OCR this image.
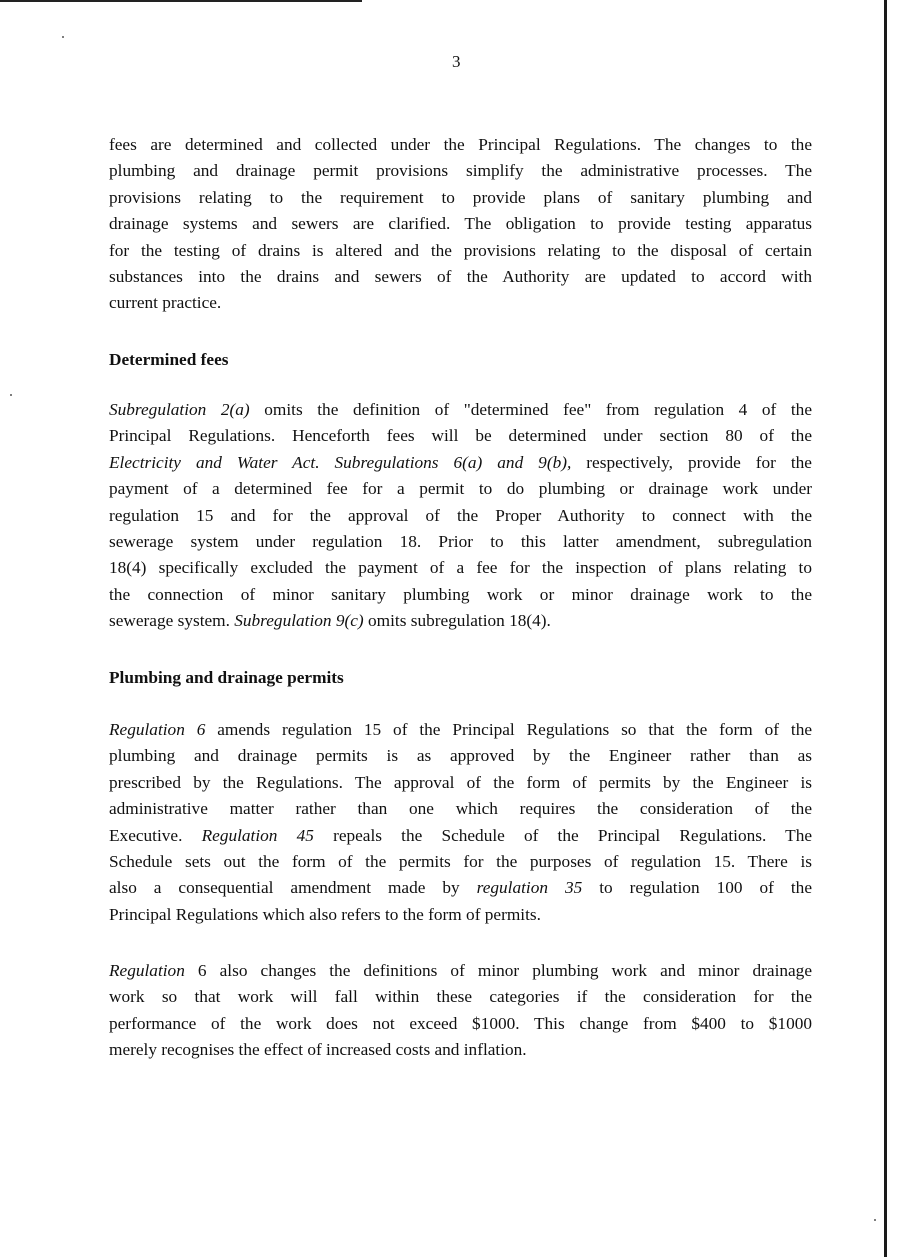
3

fees are determined and collected under the Principal Regulations. The changes to the
plumbing and drainage permit provisions simplify the administrative processes. The
provisions relating to the requirement to provide plans of sanitary plumbing and
drainage systems and sewers are clarified. The obligation to provide testing apparatus
for the testing of drains is altered and the provisions relating to the disposal of certain
substances into the drains and sewers of the Authority are updated to accord with
current practice.

Determined fees

Subregulation 2(a) omits the definition of "determined fee" from regulation 4 of the
Principal Regulations. Henceforth fees will be determined under section 80 of the
Electricity and Water Act. Subregulations 6(a) and 9(b), respectively, provide for the
payment of a determined fee for a permit to do plumbing or drainage work under
regulation 15 and for the approval of the Proper Authority to connect with the
sewerage system under regulation 18. Prior to this latter amendment, subregulation
18(4) specifically excluded the payment of a fee for the inspection of plans relating to
the connection of minor sanitary plumbing work or minor drainage work to the
sewerage system. Subregulation 9(c) omits subregulation 18(4).

Plumbing and drainage permits

Regulation 6 amends regulation 15 of the Principal Regulations so that the form of the
plumbing and drainage permits is as approved by the Engineer rather than as
prescribed by the Regulations. The approval of the form of permits by the Engineer is
administrative matter rather than one which requires the consideration of the
Executive. Regulation 45 repeals the Schedule of the Principal Regulations. The
Schedule sets out the form of the permits for the purposes of regulation 15. There is
also a consequential amendment made by regulation 35 to regulation 100 of the
Principal Regulations which also refers to the form of permits.

Regulation 6 also changes the definitions of minor plumbing work and minor drainage
work so that work will fall within these categories if the consideration for the
performance of the work does not exceed $1000. This change from $400 to $1000
merely recognises the effect of increased costs and inflation.
